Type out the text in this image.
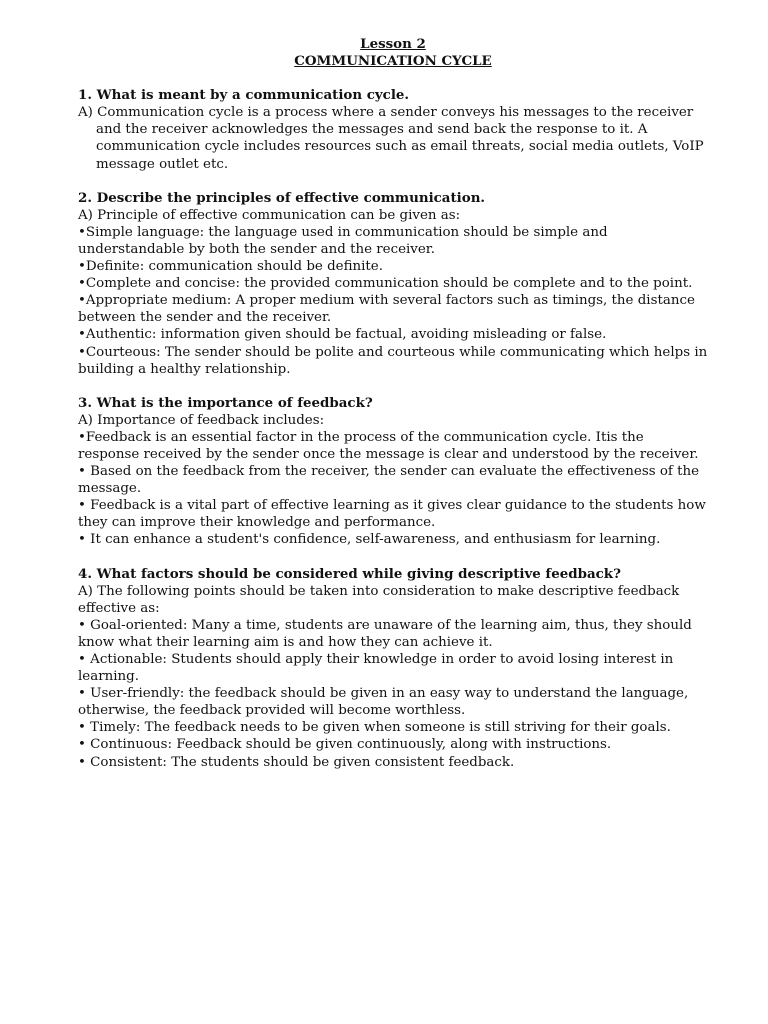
Lesson 2
COMMUNICATION CYCLE
1. What is meant by a communication cycle.
A) Communication cycle is a process where a sender conveys his messages to the receiver and the receiver acknowledges the messages and send back the response to it. A communication cycle includes resources such as email threats, social media outlets, VoIP message outlet etc.
2. Describe the principles of effective communication.
A) Principle of effective communication can be given as:
•Simple language: the language used in communication should be simple and understandable by both the sender and the receiver.
•Definite: communication should be definite.
•Complete and concise: the provided communication should be complete and to the point.
•Appropriate medium: A proper medium with several factors such as timings, the distance between the sender and the receiver.
•Authentic: information given should be factual, avoiding misleading or false.
•Courteous: The sender should be polite and courteous while communicating which helps in building a healthy relationship.
3. What is the importance of feedback?
A) Importance of feedback includes:
•Feedback is an essential factor in the process of the communication cycle. Itis the response received by the sender once the message is clear and understood by the receiver.
• Based on the feedback from the receiver, the sender can evaluate the effectiveness of the message.
• Feedback is a vital part of effective learning as it gives clear guidance to the students how they can improve their knowledge and performance.
• It can enhance a student's confidence, self-awareness, and enthusiasm for learning.
4. What factors should be considered while giving descriptive feedback?
A) The following points should be taken into consideration to make descriptive feedback effective as:
• Goal-oriented: Many a time, students are unaware of the learning aim, thus, they should know what their learning aim is and how they can achieve it.
• Actionable: Students should apply their knowledge in order to avoid losing interest in learning.
• User-friendly: the feedback should be given in an easy way to understand the language, otherwise, the feedback provided will become worthless.
• Timely: The feedback needs to be given when someone is still striving for their goals.
• Continuous: Feedback should be given continuously, along with instructions.
• Consistent: The students should be given consistent feedback.
